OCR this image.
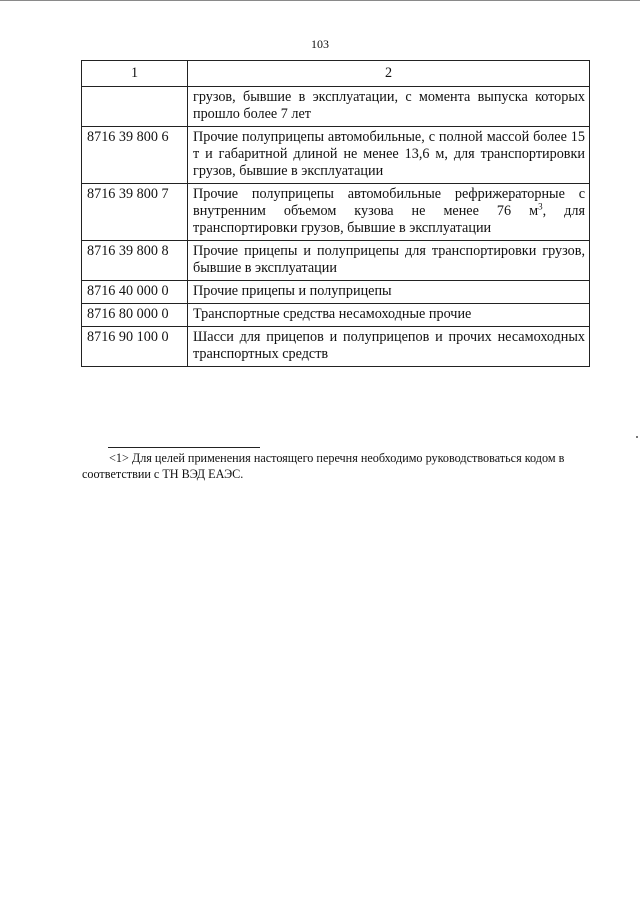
103
1	2
	грузов, бывшие в эксплуатации, с момента выпуска которых прошло более 7 лет
8716 39 800 6	Прочие полуприцепы автомобильные, с полной массой более 15 т и габаритной длиной не менее 13,6 м, для транспортировки грузов, бывшие в эксплуатации
8716 39 800 7	Прочие полуприцепы автомобильные рефрижераторные с внутренним объемом кузова не менее 76 $м^3$, для транспортировки грузов, бывшие в эксплуатации
8716 39 800 8	Прочие прицепы и полуприцепы для транспортировки грузов, бывшие в эксплуатации
8716 40 000 0	Прочие прицепы и полуприцепы
8716 80 000 0	Транспортные средства несамоходные прочие
8716 90 100 0	Шасси для прицепов и полуприцепов и прочих несамоходных транспортных средств
<1> Для целей применения настоящего перечня необходимо руководствоваться кодом в соответствии с ТН ВЭД ЕАЭС.
